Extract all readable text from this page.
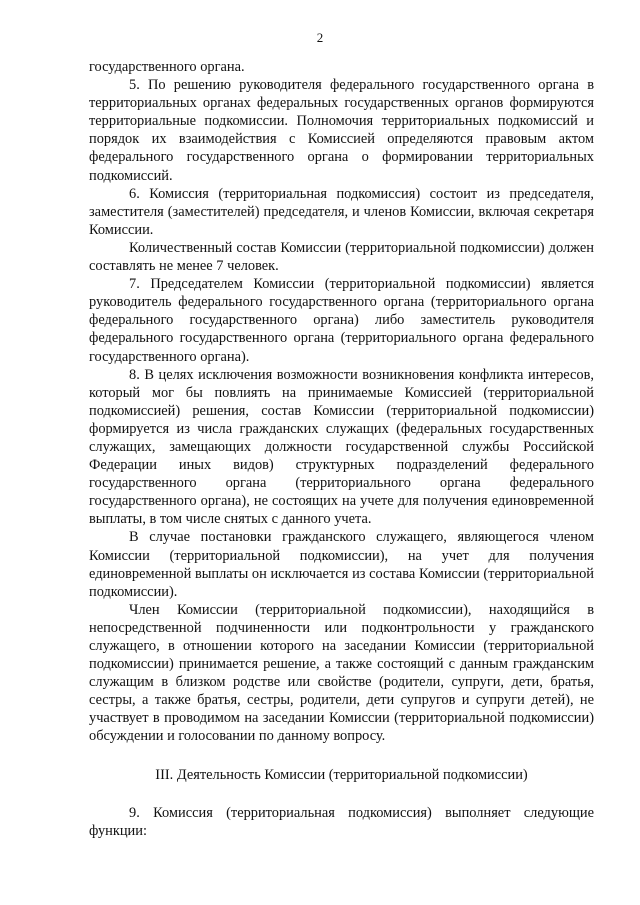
2

государственного органа.

5. По решению руководителя федерального государственного органа в территориальных органах федеральных государственных органов формируются территориальные подкомиссии. Полномочия территориальных подкомиссий и порядок их взаимодействия с Комиссией определяются правовым актом федерального государственного органа о формировании территориальных подкомиссий.

6. Комиссия (территориальная подкомиссия) состоит из председателя, заместителя (заместителей) председателя, и членов Комиссии, включая секретаря Комиссии.

Количественный состав Комиссии (территориальной подкомиссии) должен составлять не менее 7 человек.

7. Председателем Комиссии (территориальной подкомиссии) является руководитель федерального государственного органа (территориального органа федерального государственного органа) либо заместитель руководителя федерального государственного органа (территориального органа федерального государственного органа).

8. В целях исключения возможности возникновения конфликта интересов, который мог бы повлиять на принимаемые Комиссией (территориальной подкомиссией) решения, состав Комиссии (территориальной подкомиссии) формируется из числа гражданских служащих (федеральных государственных служащих, замещающих должности государственной службы Российской Федерации иных видов) структурных подразделений федерального государственного органа (территориального органа федерального государственного органа), не состоящих на учете для получения единовременной выплаты, в том числе снятых с данного учета.

В случае постановки гражданского служащего, являющегося членом Комиссии (территориальной подкомиссии), на учет для получения единовременной выплаты он исключается из состава Комиссии (территориальной подкомиссии).

Член Комиссии (территориальной подкомиссии), находящийся в непосредственной подчиненности или подконтрольности у гражданского служащего, в отношении которого на заседании Комиссии (территориальной подкомиссии) принимается решение, а также состоящий с данным гражданским служащим в близком родстве или свойстве (родители, супруги, дети, братья, сестры, а также братья, сестры, родители, дети супругов и супруги детей), не участвует в проводимом на заседании Комиссии (территориальной подкомиссии) обсуждении и голосовании по данному вопросу.

III. Деятельность Комиссии (территориальной подкомиссии)

9. Комиссия (территориальная подкомиссия) выполняет следующие функции:
